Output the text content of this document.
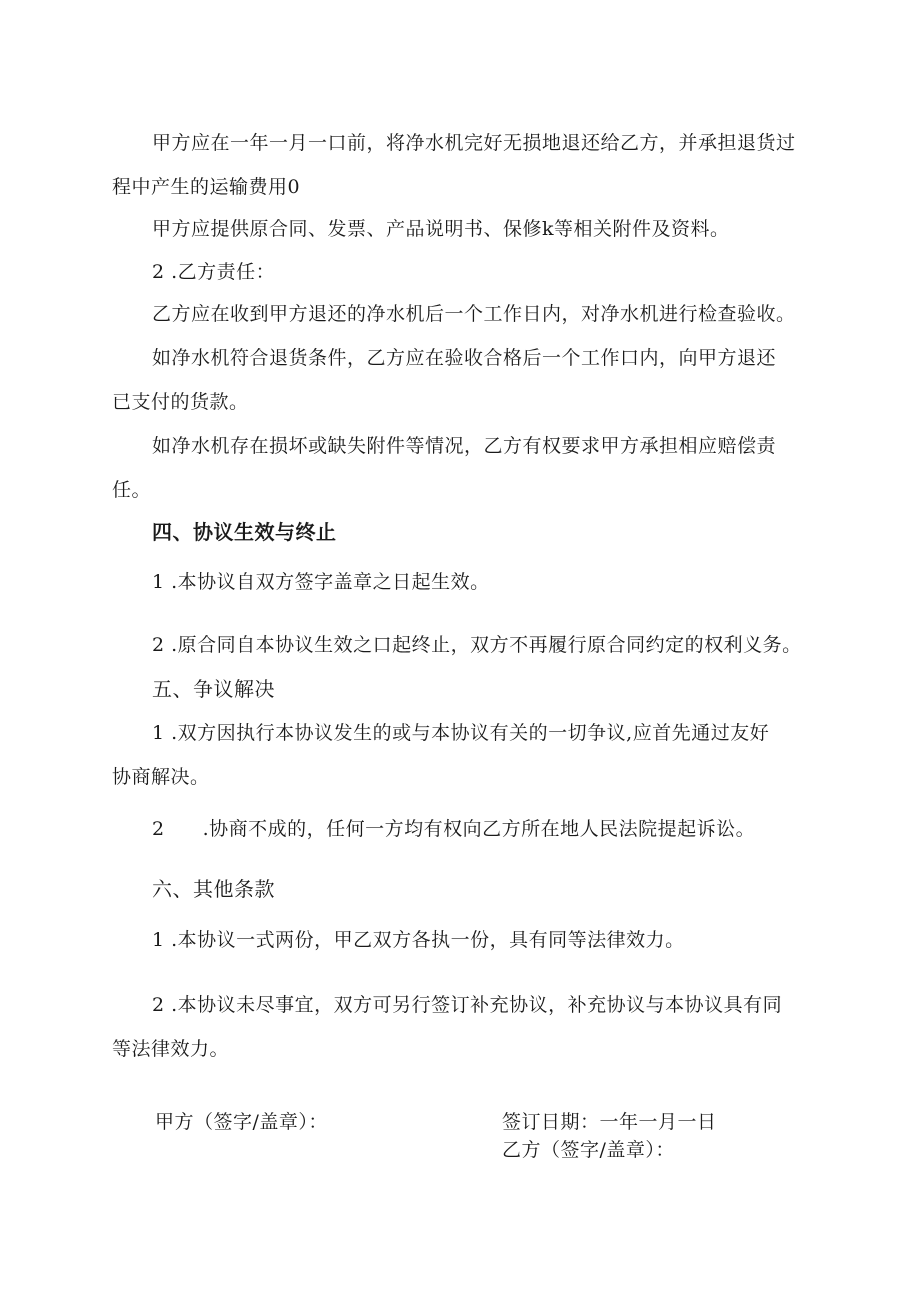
甲方应在一年一月一口前，将净水机完好无损地退还给乙方，并承担退货过
程中产生的运输费用0
甲方应提供原合同、发票、产品说明书、保修k等相关附件及资料。
2 .乙方责任：
乙方应在收到甲方退还的净水机后一个工作日内，对净水机进行检查验收。
如净水机符合退货条件，乙方应在验收合格后一个工作口内，向甲方退还
已支付的货款。
如净水机存在损坏或缺失附件等情况，乙方有权要求甲方承担相应赔偿责
任。
四、协议生效与终止
1 .本协议自双方签字盖章之日起生效。
2 .原合同自本协议生效之口起终止，双方不再履行原合同约定的权利义务。
五、争议解决
1 .双方因执行本协议发生的或与本协议有关的一切争议,应首先通过友好
协商解决。
2 .协商不成的，任何一方均有权向乙方所在地人民法院提起诉讼。
六、其他条款
1 .本协议一式两份，甲乙双方各执一份，具有同等法律效力。
2 .本协议未尽事宜，双方可另行签订补充协议，补充协议与本协议具有同
等法律效力。
甲方（签字/盖章）：	签订日期：一年一月一日
乙方（签字/盖章）：
